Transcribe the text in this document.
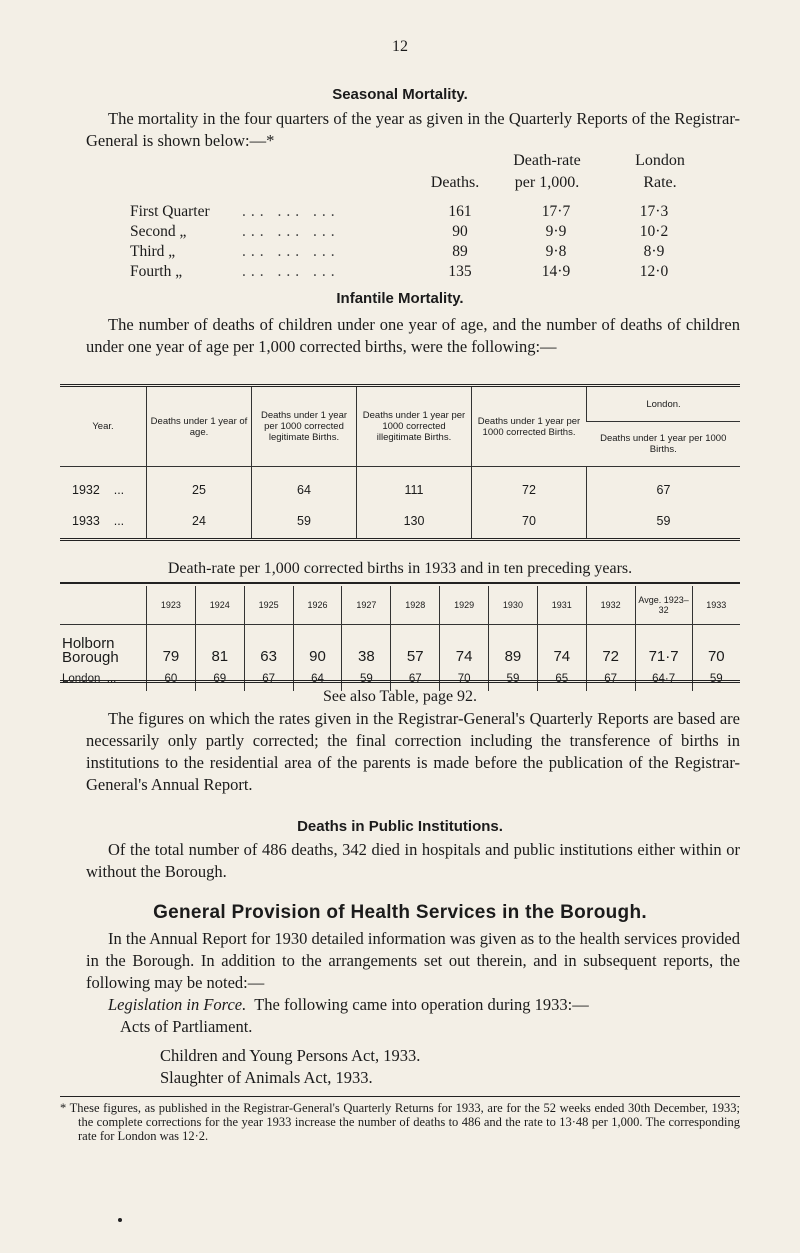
12
Seasonal Mortality.
The mortality in the four quarters of the year as given in the Quarterly Reports of the Registrar-General is shown below:—*
Death-rate	London
Deaths.	per 1,000.	Rate.
First Quarter ... ... ...	161	17·7	17·3
Second „	... ... ...	90	9·9	10·2
Third „	... ... ...	89	9·8	8·9
Fourth „	... ... ...	135	14·9	12·0
Infantile Mortality.
The number of deaths of children under one year of age, and the number of deaths of children under one year of age per 1,000 corrected births, were the following:—
Year.	Deaths under 1 year of age.	Deaths under 1 year per 1000 corrected legitimate Births.	Deaths under 1 year per 1000 corrected illegitimate Births.	Deaths under 1 year per 1000 corrected Births.	London.
					Deaths under 1 year per 1000 Births.
1932    ...	25	64	111	72	67
1933    ...	24	59	130	70	59
Death-rate per 1,000 corrected births in 1933 and in ten preceding years.
	1923	1924	1925	1926	1927	1928	1929	1930	1931	1932	Avge. 1923–32	1933
Holborn Borough	79	81	63	90	38	57	74	89	74	72	71·7	70
London  ...	60	69	67	64	59	67	70	59	65	67	64·7	59
See also Table, page 92.
The figures on which the rates given in the Registrar-General's Quarterly Reports are based are necessarily only partly corrected; the final correction including the transference of births in institutions to the residential area of the parents is made before the publication of the Registrar-General's Annual Report.
Deaths in Public Institutions.
Of the total number of 486 deaths, 342 died in hospitals and public institutions either within or without the Borough.
General Provision of Health Services in the Borough.
In the Annual Report for 1930 detailed information was given as to the health services provided in the Borough. In addition to the arrangements set out therein, and in subsequent reports, the following may be noted:—
Legislation in Force. The following came into operation during 1933:—
Acts of Partliament.
Children and Young Persons Act, 1933.
Slaughter of Animals Act, 1933.

* These figures, as published in the Registrar-General's Quarterly Returns for 1933, are for the 52 weeks ended 30th December, 1933; the complete corrections for the year 1933 increase the number of deaths to 486 and the rate to 13·48 per 1,000. The corresponding rate for London was 12·2.
